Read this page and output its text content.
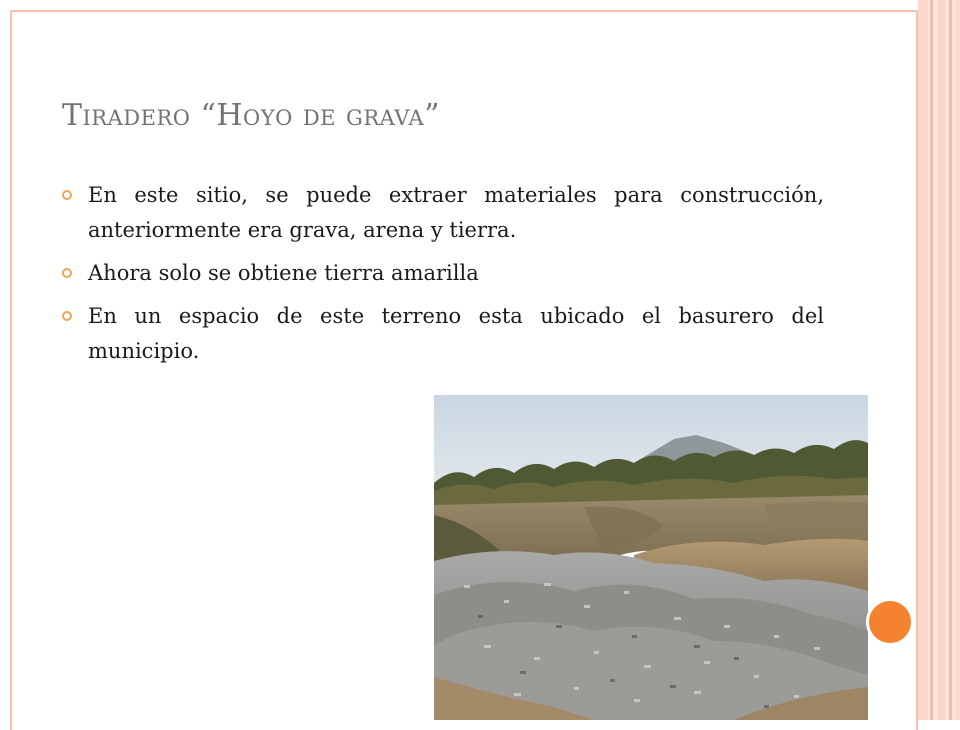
Tiradero “Hoyo de grava”
En este sitio, se puede extraer materiales para construcción, anteriormente era grava, arena y tierra.
Ahora solo se obtiene tierra amarilla
En un espacio de este terreno esta ubicado el basurero del municipio.
